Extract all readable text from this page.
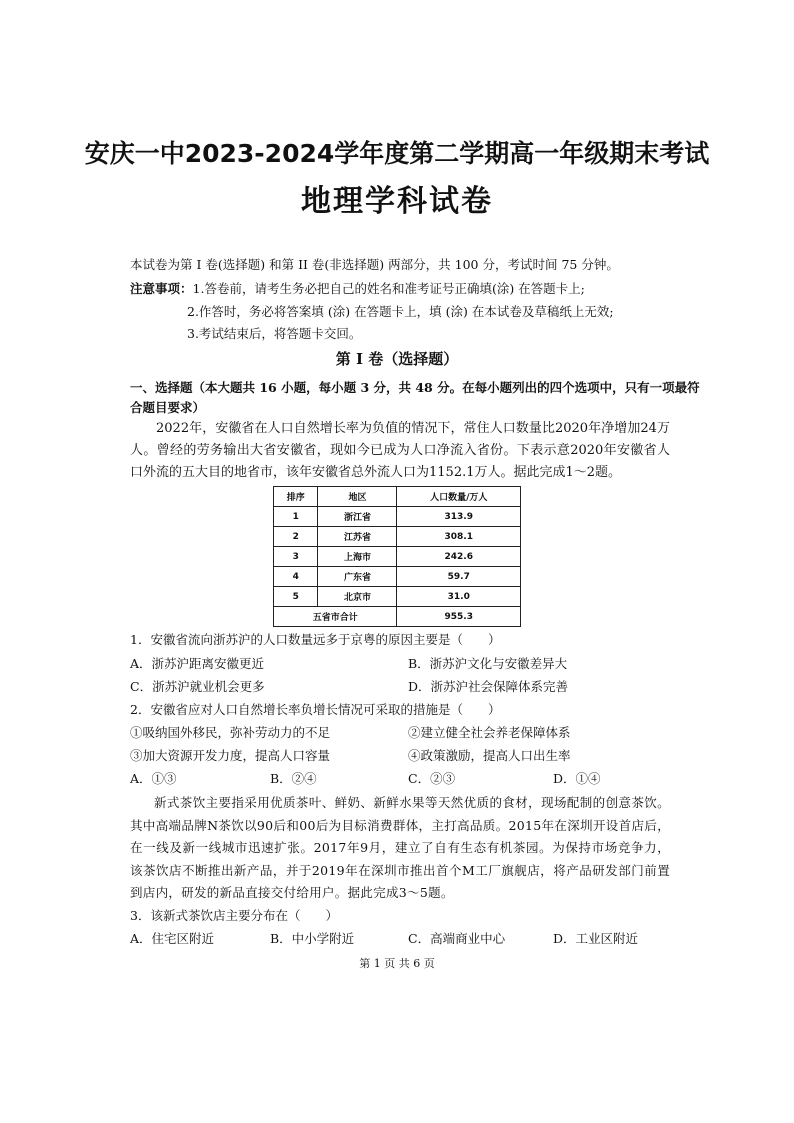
安庆一中2023-2024学年度第二学期高一年级期末考试
地理学科试卷
本试卷为第 I 卷(选择题) 和第 II 卷(非选择题) 两部分，共 100 分，考试时间 75 分钟。
注意事项：1.答卷前，请考生务必把自己的姓名和准考证号正确填(涂) 在答题卡上;
2.作答时，务必将答案填 (涂) 在答题卡上，填 (涂) 在本试卷及草稿纸上无效;
3.考试结束后，将答题卡交回。
第 I 卷（选择题）
一、选择题（本大题共 16 小题，每小题 3 分，共 48 分。在每小题列出的四个选项中，只有一项最符
合题目要求）
2022年，安徽省在人口自然增长率为负值的情况下，常住人口数量比2020年净增加24万人。曾经的劳务输出大省安徽省，现如今已成为人口净流入省份。下表示意2020年安徽省人口外流的五大目的地省市，该年安徽省总外流人口为1152.1万人。据此完成1～2题。
排序	地区	人口数量/万人
1	浙江省	313.9
2	江苏省	308.1
3	上海市	242.6
4	广东省	59.7
5	北京市	31.0
五省市合计		955.3
1．安徽省流向浙苏沪的人口数量远多于京粤的原因主要是（　　）
A．浙苏沪距离安徽更近	B．浙苏沪文化与安徽差异大
C．浙苏沪就业机会更多	D．浙苏沪社会保障体系完善
2．安徽省应对人口自然增长率负增长情况可采取的措施是（　　）
①吸纳国外移民，弥补劳动力的不足	②建立健全社会养老保障体系
③加大资源开发力度，提高人口容量	④政策激励，提高人口出生率
A．①③	B．②④	C．②③	D．①④
新式茶饮主要指采用优质茶叶、鲜奶、新鲜水果等天然优质的食材，现场配制的创意茶饮。其中高端品牌N茶饮以90后和00后为目标消费群体，主打高品质。2015年在深圳开设首店后，在一线及新一线城市迅速扩张。2017年9月，建立了自有生态有机茶园。为保持市场竞争力，该茶饮店不断推出新产品，并于2019年在深圳市推出首个M工厂旗舰店，将产品研发部门前置到店内，研发的新品直接交付给用户。据此完成3～5题。
3．该新式茶饮店主要分布在（　　）
A．住宅区附近	B．中小学附近	C．高端商业中心	D．工业区附近
第 1 页 共 6 页
